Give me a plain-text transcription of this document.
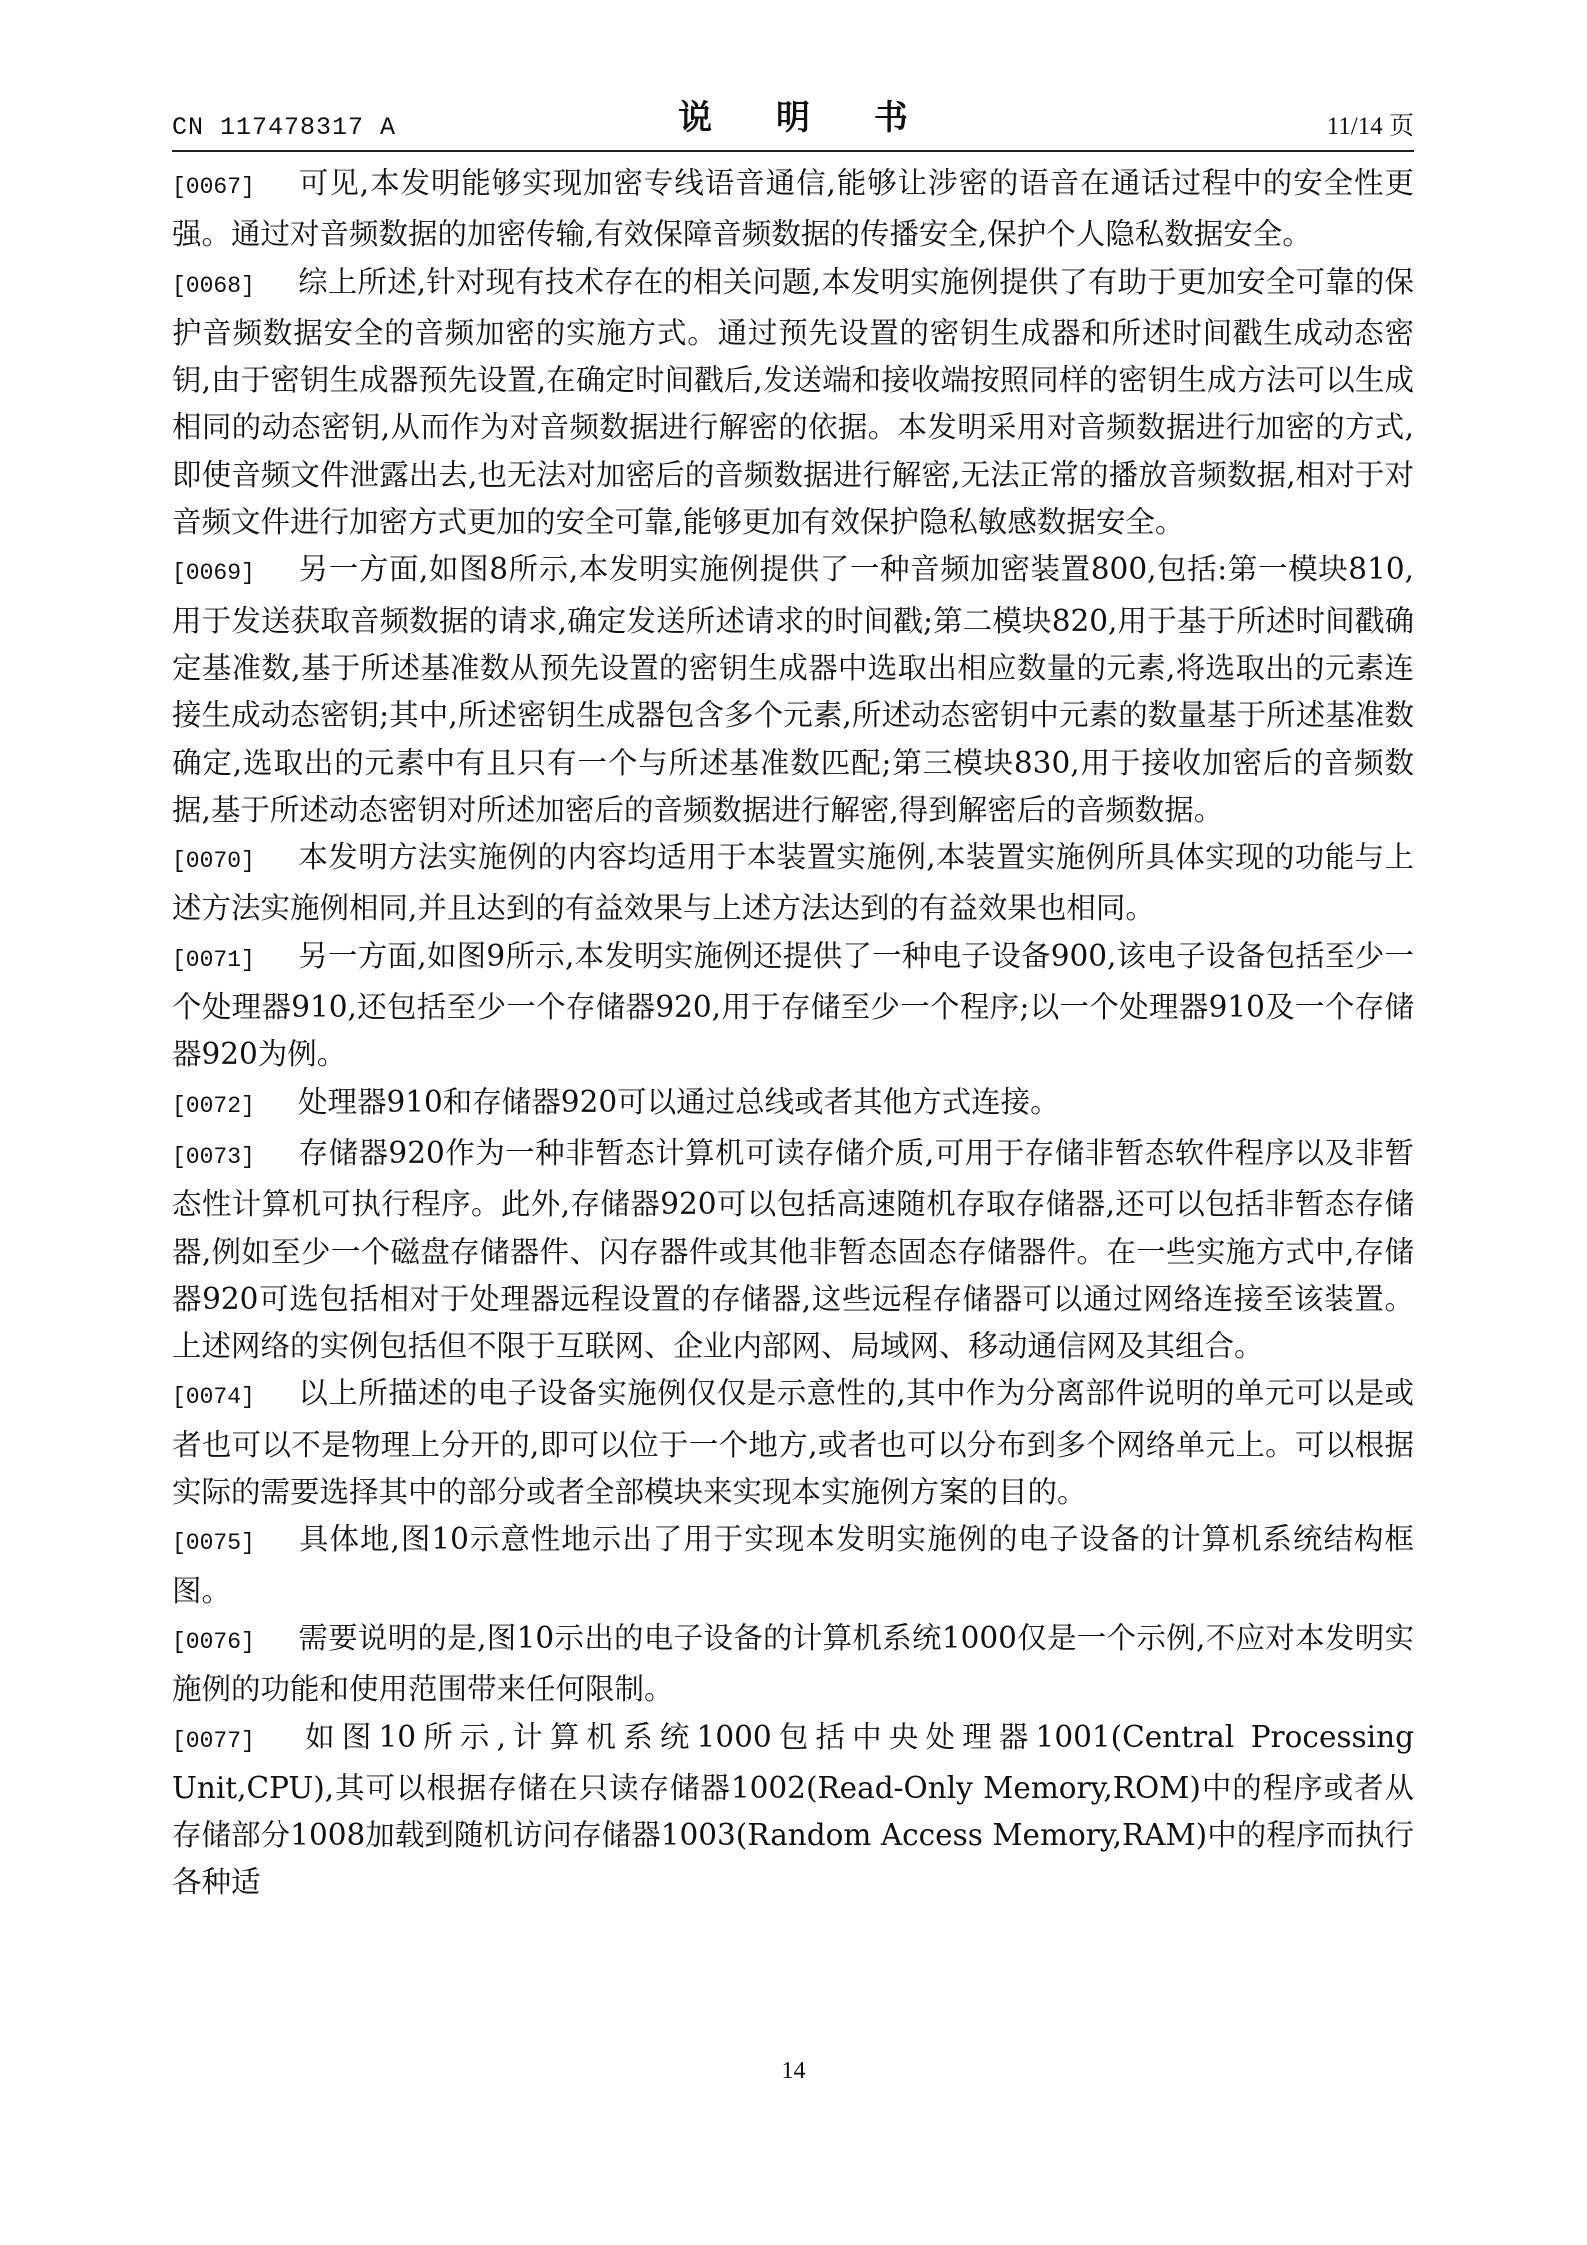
CN 117478317 A	说 明 书	11/14 页

[0067] 可见,本发明能够实现加密专线语音通信,能够让涉密的语音在通话过程中的安全性更强。通过对音频数据的加密传输,有效保障音频数据的传播安全,保护个人隐私数据安全。

[0068] 综上所述,针对现有技术存在的相关问题,本发明实施例提供了有助于更加安全可靠的保护音频数据安全的音频加密的实施方式。通过预先设置的密钥生成器和所述时间戳生成动态密钥,由于密钥生成器预先设置,在确定时间戳后,发送端和接收端按照同样的密钥生成方法可以生成相同的动态密钥,从而作为对音频数据进行解密的依据。本发明采用对音频数据进行加密的方式,即使音频文件泄露出去,也无法对加密后的音频数据进行解密,无法正常的播放音频数据,相对于对音频文件进行加密方式更加的安全可靠,能够更加有效保护隐私敏感数据安全。

[0069] 另一方面,如图8所示,本发明实施例提供了一种音频加密装置800,包括:第一模块810,用于发送获取音频数据的请求,确定发送所述请求的时间戳;第二模块820,用于基于所述时间戳确定基准数,基于所述基准数从预先设置的密钥生成器中选取出相应数量的元素,将选取出的元素连接生成动态密钥;其中,所述密钥生成器包含多个元素,所述动态密钥中元素的数量基于所述基准数确定,选取出的元素中有且只有一个与所述基准数匹配;第三模块830,用于接收加密后的音频数据,基于所述动态密钥对所述加密后的音频数据进行解密,得到解密后的音频数据。

[0070] 本发明方法实施例的内容均适用于本装置实施例,本装置实施例所具体实现的功能与上述方法实施例相同,并且达到的有益效果与上述方法达到的有益效果也相同。

[0071] 另一方面,如图9所示,本发明实施例还提供了一种电子设备900,该电子设备包括至少一个处理器910,还包括至少一个存储器920,用于存储至少一个程序;以一个处理器910及一个存储器920为例。

[0072] 处理器910和存储器920可以通过总线或者其他方式连接。

[0073] 存储器920作为一种非暂态计算机可读存储介质,可用于存储非暂态软件程序以及非暂态性计算机可执行程序。此外,存储器920可以包括高速随机存取存储器,还可以包括非暂态存储器,例如至少一个磁盘存储器件、闪存器件或其他非暂态固态存储器件。在一些实施方式中,存储器920可选包括相对于处理器远程设置的存储器,这些远程存储器可以通过网络连接至该装置。上述网络的实例包括但不限于互联网、企业内部网、局域网、移动通信网及其组合。

[0074] 以上所描述的电子设备实施例仅仅是示意性的,其中作为分离部件说明的单元可以是或者也可以不是物理上分开的,即可以位于一个地方,或者也可以分布到多个网络单元上。可以根据实际的需要选择其中的部分或者全部模块来实现本实施例方案的目的。

[0075] 具体地,图10示意性地示出了用于实现本发明实施例的电子设备的计算机系统结构框图。

[0076] 需要说明的是,图10示出的电子设备的计算机系统1000仅是一个示例,不应对本发明实施例的功能和使用范围带来任何限制。

[0077] 如图10所示,计算机系统1000包括中央处理器1001(Central Processing Unit,CPU),其可以根据存储在只读存储器1002(Read-Only Memory,ROM)中的程序或者从存储部分1008加载到随机访问存储器1003(Random Access Memory,RAM)中的程序而执行各种适

14
